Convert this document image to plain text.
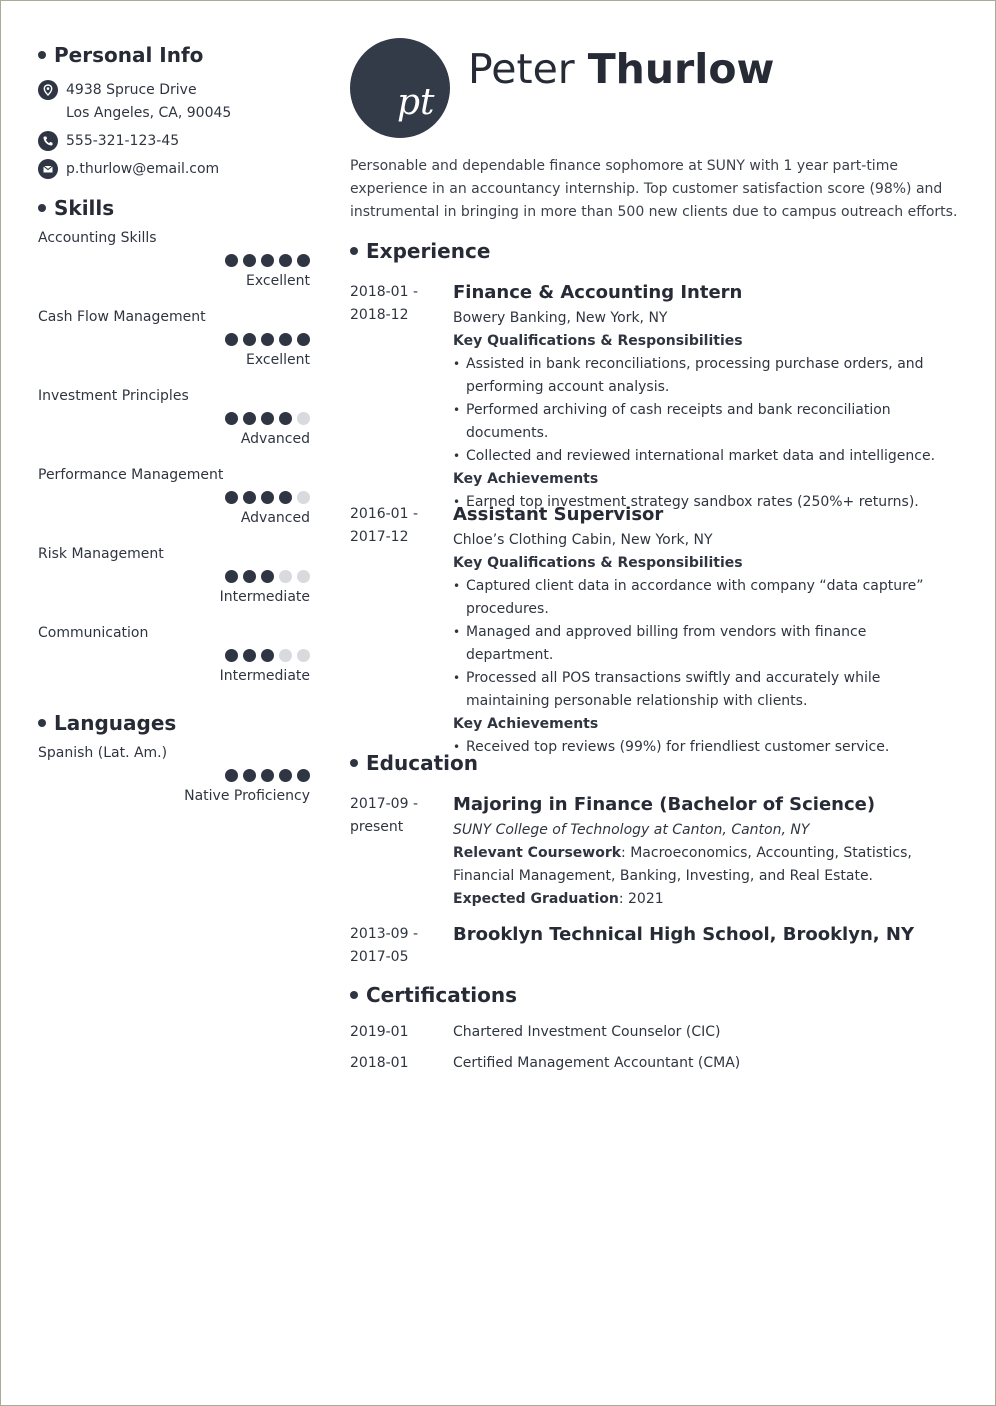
Personal Info
4938 Spruce Drive
Los Angeles, CA, 90045
555-321-123-45
p.thurlow@email.com
Skills
Accounting Skills
Excellent
Cash Flow Management
Excellent
Investment Principles
Advanced
Performance Management
Advanced
Risk Management
Intermediate
Communication
Intermediate
Languages
Spanish (Lat. Am.)
Native Proficiency
pt
Peter Thurlow
Personable and dependable finance sophomore at SUNY with 1 year part-time experience in an accountancy internship. Top customer satisfaction score (98%) and instrumental in bringing in more than 500 new clients due to campus outreach efforts.
Experience
2018-01 -
2018-12
Finance & Accounting Intern
Bowery Banking, New York, NY
Key Qualifications & Responsibilities
• Assisted in bank reconciliations, processing purchase orders, and performing account analysis.
• Performed archiving of cash receipts and bank reconciliation documents.
• Collected and reviewed international market data and intelligence.
Key Achievements
• Earned top investment strategy sandbox rates (250%+ returns).
2016-01 -
2017-12
Assistant Supervisor
Chloe’s Clothing Cabin, New York, NY
Key Qualifications & Responsibilities
• Captured client data in accordance with company “data capture” procedures.
• Managed and approved billing from vendors with finance department.
• Processed all POS transactions swiftly and accurately while maintaining personable relationship with clients.
Key Achievements
• Received top reviews (99%) for friendliest customer service.
Education
2017-09 -
present
Majoring in Finance (Bachelor of Science)
SUNY College of Technology at Canton, Canton, NY
Relevant Coursework: Macroeconomics, Accounting, Statistics, Financial Management, Banking, Investing, and Real Estate.
Expected Graduation: 2021
2013-09 -
2017-05
Brooklyn Technical High School, Brooklyn, NY
Certifications
2019-01	Chartered Investment Counselor (CIC)
2018-01	Certified Management Accountant (CMA)
